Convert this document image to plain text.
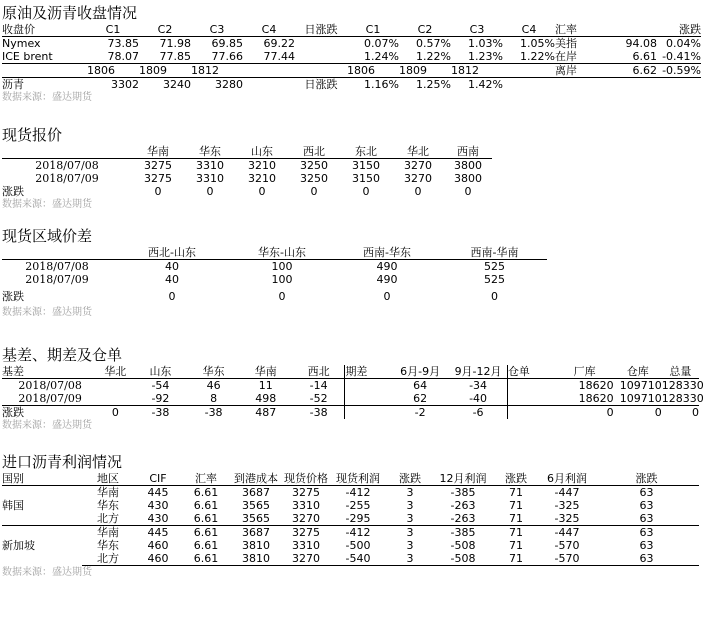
原油及沥青收盘情况
收盘价	C1	C2	C3	C4	日涨跌	C1	C2	C3	C4	汇率		涨跌
Nymex	73.85	71.98	69.85	69.22		0.07%	0.57%	1.03%	1.05%	美指	94.08	0.04%
ICE brent	78.07	77.85	77.66	77.44		1.24%	1.22%	1.23%	1.22%	在岸	6.61	-0.41%
	1806	1809	1812			1806	1809	1812		离岸	6.62	-0.59%
沥青	3302	3240	3280		日涨跌	1.16%	1.25%	1.42%				
数据来源：盛达期货
现货报价
	华南	华东	山东	西北	东北	华北	西南
2018/07/08	3275	3310	3210	3250	3150	3270	3800
2018/07/09	3275	3310	3210	3250	3150	3270	3800
涨跌	0	0	0	0	0	0	0
数据来源：盛达期货
现货区域价差
	西北-山东	华东-山东	西南-华东	西南-华南
2018/07/08	40	100	490	525
2018/07/09	40	100	490	525
涨跌	0	0	0	0
数据来源：盛达期货
基差、期差及仓单
基差	华北	山东	华东	华南	西北	期差	6月-9月	9月-12月	仓单	厂库	仓库	总量
2018/07/08		-54	46	11	-14		64	-34		18620	109710	128330
2018/07/09		-92	8	498	-52		62	-40		18620	109710	128330
涨跌	0	-38	-38	487	-38		-2	-6		0	0	0
数据来源：盛达期货
进口沥青利润情况
国别	地区	CIF	汇率	到港成本	现货价格	现货利润	涨跌	12月利润	涨跌	6月利润	涨跌
韩国	华南	445	6.61	3687	3275	-412	3	-385	71	-447	63
	华东	430	6.61	3565	3310	-255	3	-263	71	-325	63
	北方	430	6.61	3565	3270	-295	3	-263	71	-325	63
新加坡	华南	445	6.61	3687	3275	-412	3	-385	71	-447	63
	华东	460	6.61	3810	3310	-500	3	-508	71	-570	63
	北方	460	6.61	3810	3270	-540	3	-508	71	-570	63
数据来源：盛达期货
